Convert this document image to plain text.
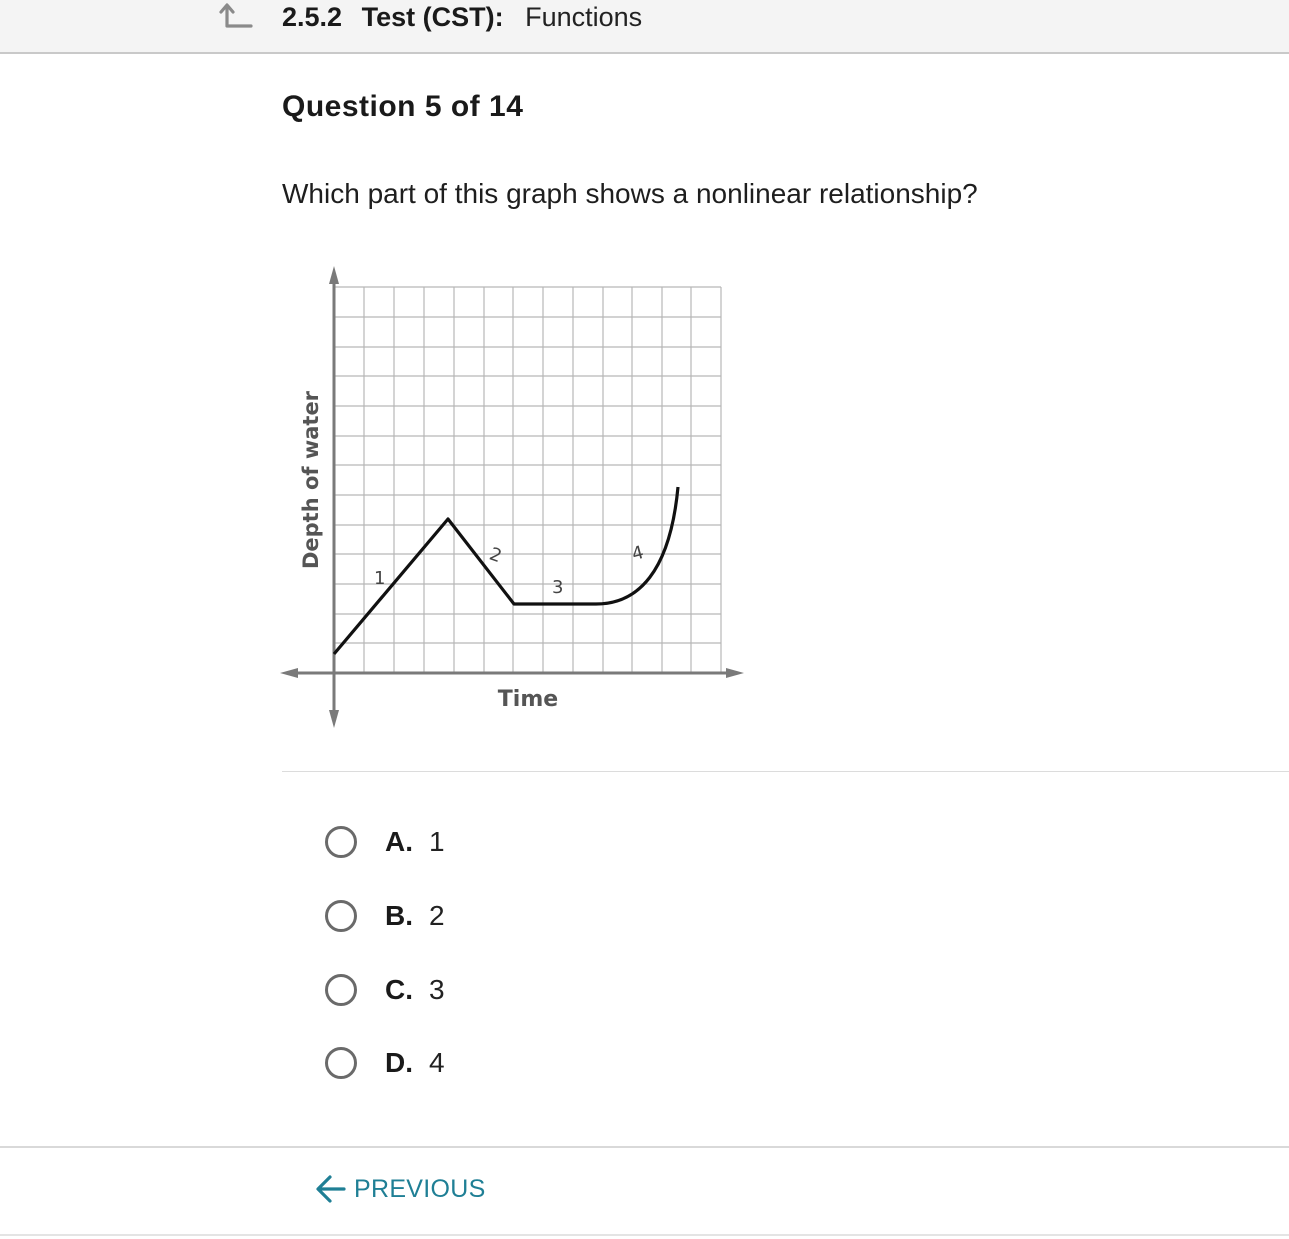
2.5.2 Test (CST): Functions
Question 5 of 14
Which part of this graph shows a nonlinear relationship?
1
2
3
4
Depth of water
Time
A. 1
B. 2
C. 3
D. 4
PREVIOUS
